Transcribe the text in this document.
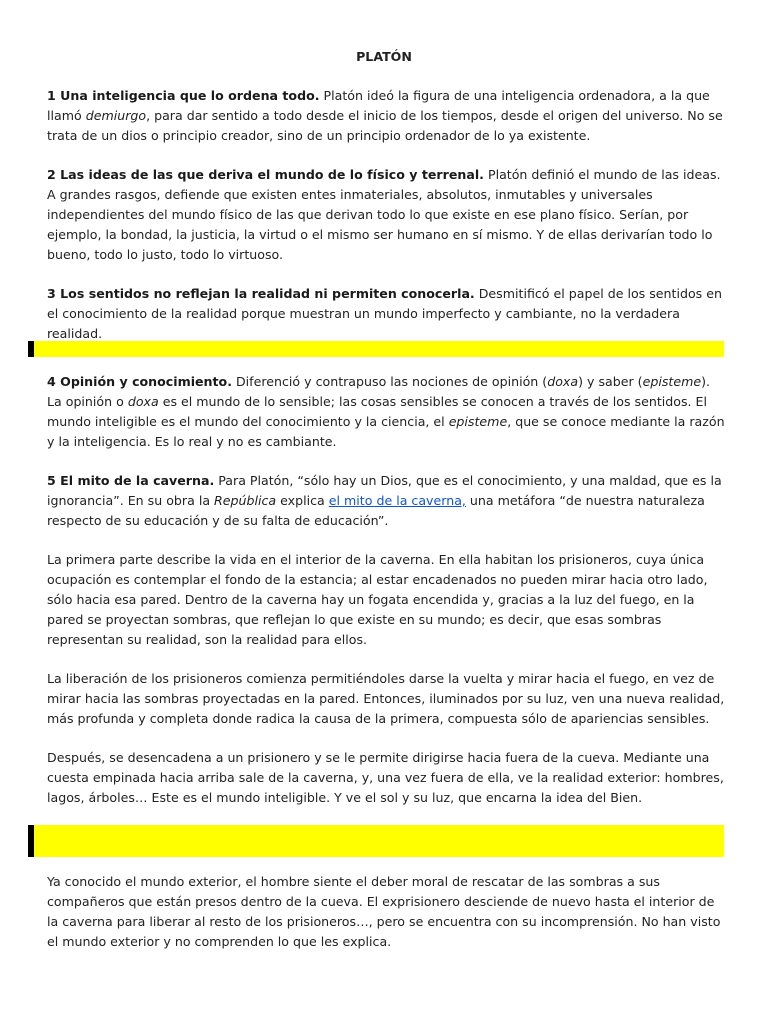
PLATÓN

1 Una inteligencia que lo ordena todo. Platón ideó la figura de una inteligencia ordenadora, a la que llamó demiurgo, para dar sentido a todo desde el inicio de los tiempos, desde el origen del universo. No se trata de un dios o principio creador, sino de un principio ordenador de lo ya existente.

2 Las ideas de las que deriva el mundo de lo físico y terrenal. Platón definió el mundo de las ideas. A grandes rasgos, defiende que existen entes inmateriales, absolutos, inmutables y universales independientes del mundo físico de las que derivan todo lo que existe en ese plano físico. Serían, por ejemplo, la bondad, la justicia, la virtud o el mismo ser humano en sí mismo. Y de ellas derivarían todo lo bueno, todo lo justo, todo lo virtuoso.

3 Los sentidos no reflejan la realidad ni permiten conocerla. Desmitificó el papel de los sentidos en el conocimiento de la realidad porque muestran un mundo imperfecto y cambiante, no la verdadera realidad.

4 Opinión y conocimiento. Diferenció y contrapuso las nociones de opinión (doxa) y saber (episteme). La opinión o doxa es el mundo de lo sensible; las cosas sensibles se conocen a través de los sentidos. El mundo inteligible es el mundo del conocimiento y la ciencia, el episteme, que se conoce mediante la razón y la inteligencia. Es lo real y no es cambiante.

5 El mito de la caverna. Para Platón, “sólo hay un Dios, que es el conocimiento, y una maldad, que es la ignorancia”. En su obra la República explica el mito de la caverna, una metáfora “de nuestra naturaleza respecto de su educación y de su falta de educación”.

La primera parte describe la vida en el interior de la caverna. En ella habitan los prisioneros, cuya única ocupación es contemplar el fondo de la estancia; al estar encadenados no pueden mirar hacia otro lado, sólo hacia esa pared. Dentro de la caverna hay un fogata encendida y, gracias a la luz del fuego, en la pared se proyectan sombras, que reflejan lo que existe en su mundo; es decir, que esas sombras representan su realidad, son la realidad para ellos.

La liberación de los prisioneros comienza permitiéndoles darse la vuelta y mirar hacia el fuego, en vez de mirar hacia las sombras proyectadas en la pared. Entonces, iluminados por su luz, ven una nueva realidad, más profunda y completa donde radica la causa de la primera, compuesta sólo de apariencias sensibles.

Después, se desencadena a un prisionero y se le permite dirigirse hacia fuera de la cueva. Mediante una cuesta empinada hacia arriba sale de la caverna, y, una vez fuera de ella, ve la realidad exterior: hombres, lagos, árboles… Este es el mundo inteligible. Y ve el sol y su luz, que encarna la idea del Bien.

Ya conocido el mundo exterior, el hombre siente el deber moral de rescatar de las sombras a sus compañeros que están presos dentro de la cueva. El exprisionero desciende de nuevo hasta el interior de la caverna para liberar al resto de los prisioneros…, pero se encuentra con su incomprensión. No han visto el mundo exterior y no comprenden lo que les explica.
